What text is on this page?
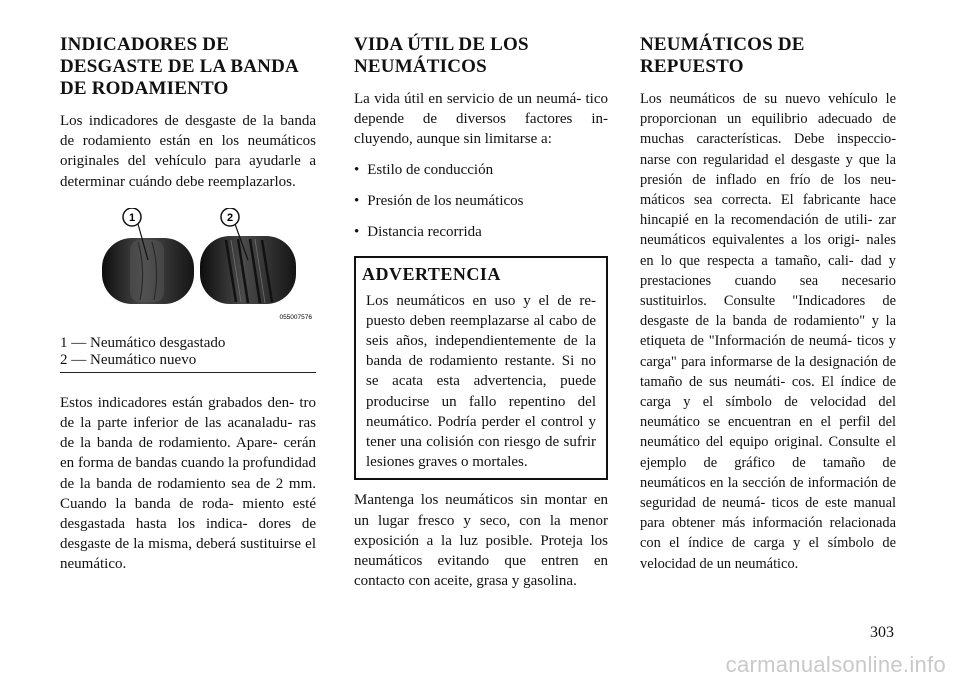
INDICADORES DE DESGASTE DE LA BANDA DE RODAMIENTO

Los indicadores de desgaste de la banda de rodamiento están en los neumáticos originales del vehículo para ayudarle a determinar cuándo debe reemplazarlos.

1	2
055007576

1 — Neumático desgastado

2 — Neumático nuevo

Estos indicadores están grabados den- tro de la parte inferior de las acanaladu- ras de la banda de rodamiento. Apare- cerán en forma de bandas cuando la profundidad de la banda de rodamiento sea de 2 mm. Cuando la banda de roda- miento esté desgastada hasta los indica- dores de desgaste de la misma, deberá sustituirse el neumático.

VIDA ÚTIL DE LOS NEUMÁTICOS

La vida útil en servicio de un neumá- tico depende de diversos factores in- cluyendo, aunque sin limitarse a:

• Estilo de conducción
• Presión de los neumáticos
• Distancia recorrida
ADVERTENCIA

Los neumáticos en uso y el de re- puesto deben reemplazarse al cabo de seis años, independientemente de la banda de rodamiento restante. Si no se acata esta advertencia, puede producirse un fallo repentino del neumático. Podría perder el control y tener una colisión con riesgo de sufrir lesiones graves o mortales.

Mantenga los neumáticos sin montar en un lugar fresco y seco, con la menor exposición a la luz posible. Proteja los neumáticos evitando que entren en contacto con aceite, grasa y gasolina.

NEUMÁTICOS DE REPUESTO

Los neumáticos de su nuevo vehículo le proporcionan un equilibrio adecuado de muchas características. Debe inspeccio- narse con regularidad el desgaste y que la presión de inflado en frío de los neu- máticos sea correcta. El fabricante hace hincapié en la recomendación de utili- zar neumáticos equivalentes a los origi- nales en lo que respecta a tamaño, cali- dad y prestaciones cuando sea necesario sustituirlos. Consulte "Indicadores de desgaste de la banda de rodamiento" y la etiqueta de "Información de neumá- ticos y carga" para informarse de la designación de tamaño de sus neumáti- cos. El índice de carga y el símbolo de velocidad del neumático se encuentran en el perfil del neumático del equipo original. Consulte el ejemplo de gráfico de tamaño de neumáticos en la sección de información de seguridad de neumá- ticos de este manual para obtener más información relacionada con el índice de carga y el símbolo de velocidad de un neumático.

303
carmanualsonline.info
